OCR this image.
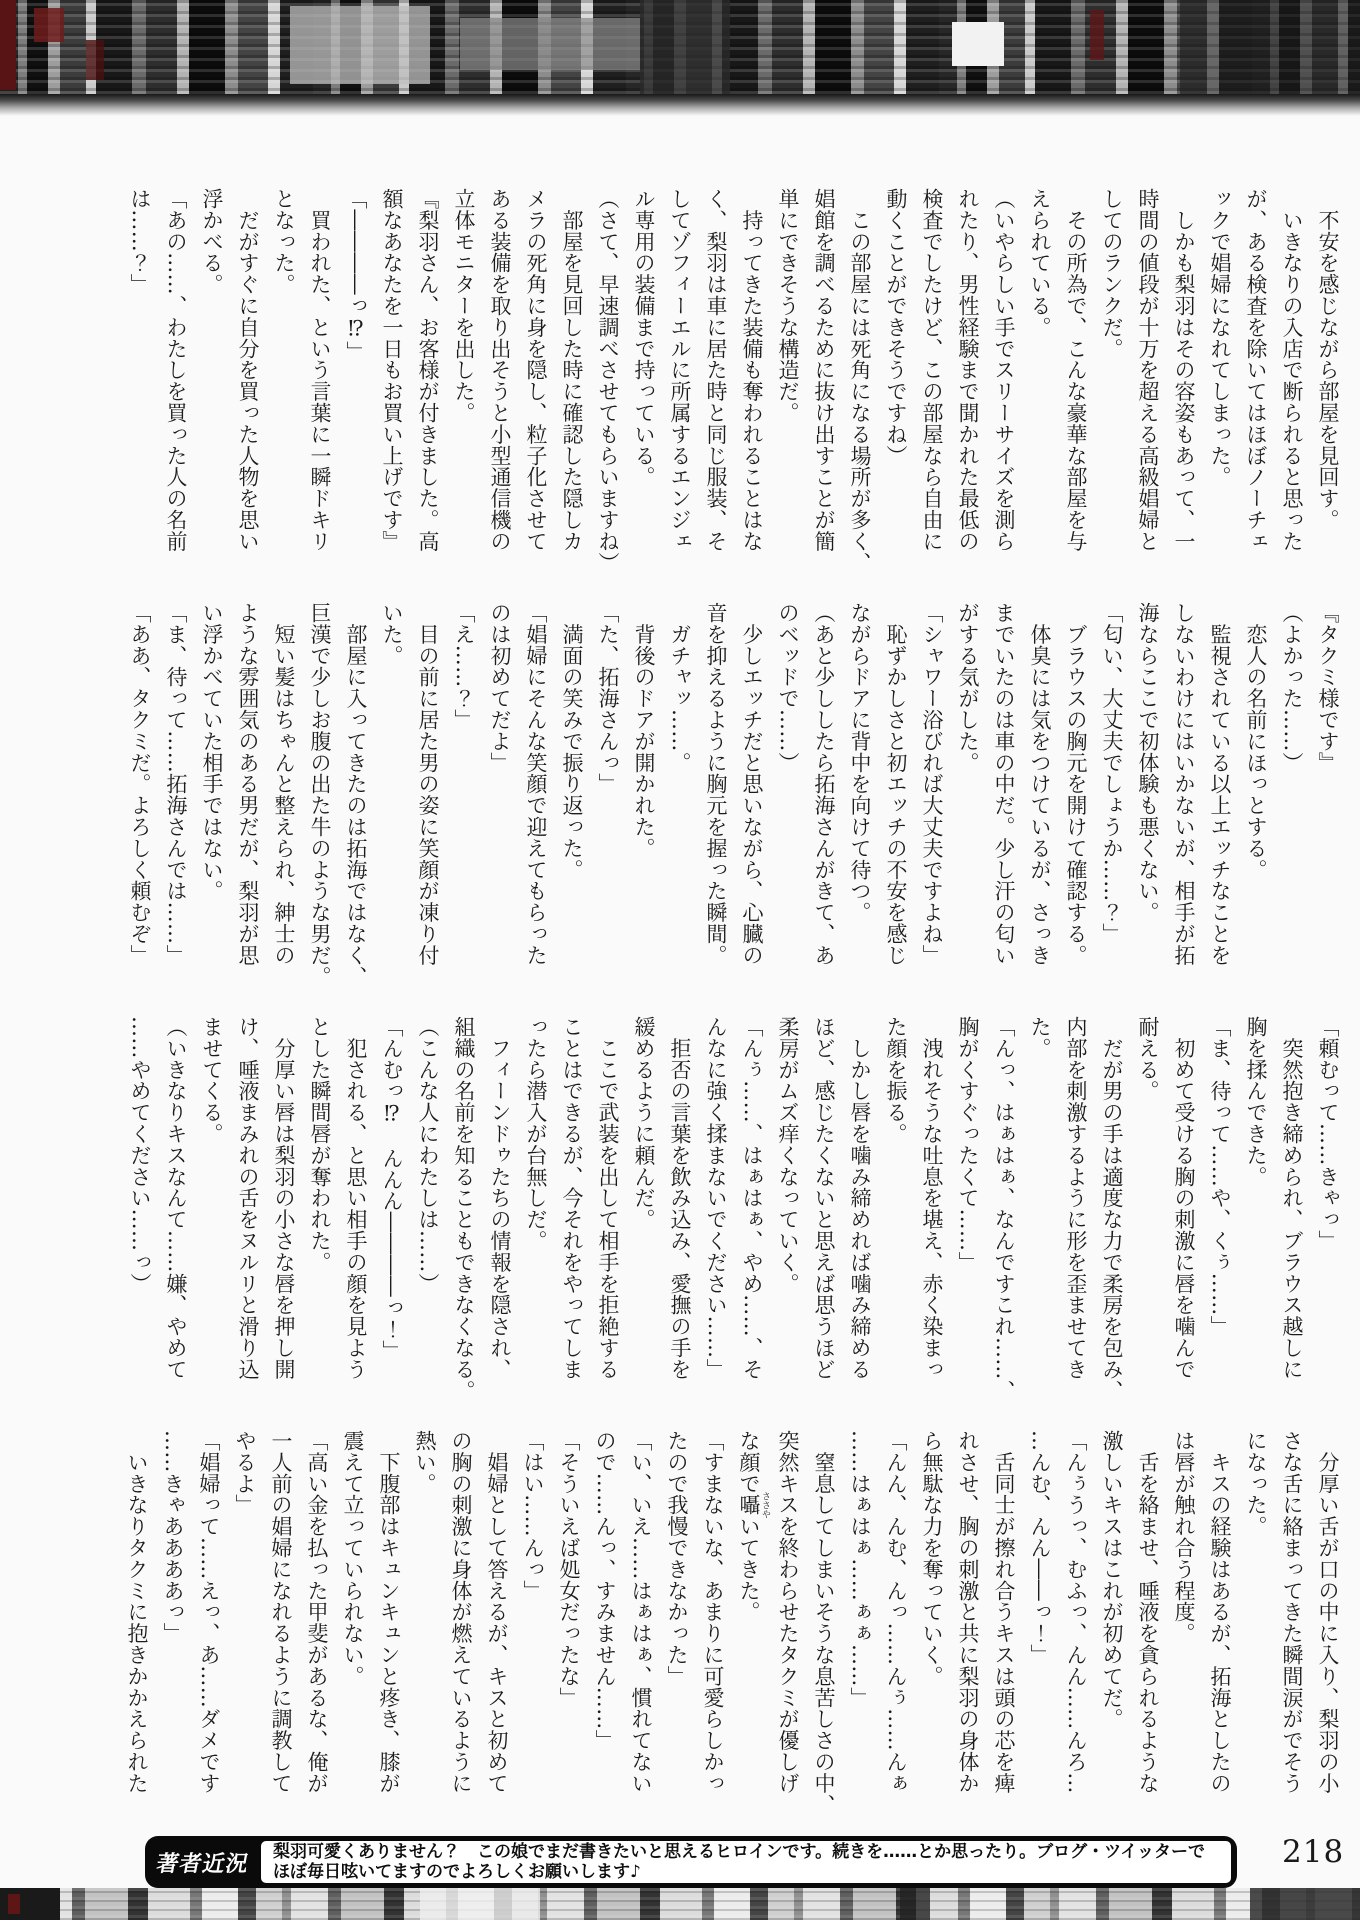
　不安を感じながら部屋を見回す。
　いきなりの入店で断られると思った
が、ある検査を除いてはほぼノーチェ
ックで娼婦になれてしまった。
　しかも梨羽はその容姿もあって、一
時間の値段が十万を超える高級娼婦と
してのランクだ。
　その所為で、こんな豪華な部屋を与
えられている。
（いやらしい手でスリーサイズを測ら
れたり、男性経験まで聞かれた最低の
検査でしたけど、この部屋なら自由に
動くことができそうですね）
　この部屋には死角になる場所が多く、
娼館を調べるために抜け出すことが簡
単にできそうな構造だ。
　持ってきた装備も奪われることはな
く、梨羽は車に居た時と同じ服装、そ
してゾフィーエルに所属するエンジェ
ル専用の装備まで持っている。
（さて、早速調べさせてもらいますね）
　部屋を見回した時に確認した隠しカ
メラの死角に身を隠し、粒子化させて
ある装備を取り出そうと小型通信機の
立体モニターを出した。
『梨羽さん、お客様が付きました。高
額なあなたを一日もお買い上げです』
「――――っ⁉」
　買われた、という言葉に一瞬ドキリ
となった。
　だがすぐに自分を買った人物を思い
浮かべる。
「あの……、わたしを買った人の名前
は……？」
『タクミ様です』
（よかった……）
　恋人の名前にほっとする。
　監視されている以上エッチなことを
しないわけにはいかないが、相手が拓
海ならここで初体験も悪くない。
「匂い、大丈夫でしょうか……？」
　ブラウスの胸元を開けて確認する。
　体臭には気をつけているが、さっき
までいたのは車の中だ。少し汗の匂い
がする気がした。
「シャワー浴びれば大丈夫ですよね」
　恥ずかしさと初エッチの不安を感じ
ながらドアに背中を向けて待つ。
（あと少ししたら拓海さんがきて、あ
のベッドで……）
　少しエッチだと思いながら、心臓の
音を抑えるように胸元を握った瞬間。
　ガチャッ……。
　背後のドアが開かれた。
「た、拓海さんっ」
　満面の笑みで振り返った。
「娼婦にそんな笑顔で迎えてもらった
のは初めてだよ」
「え……？」
　目の前に居た男の姿に笑顔が凍り付
いた。
　部屋に入ってきたのは拓海ではなく、
巨漢で少しお腹の出た牛のような男だ。
　短い髪はちゃんと整えられ、紳士の
ような雰囲気のある男だが、梨羽が思
い浮かべていた相手ではない。
「ま、待って……拓海さんでは……」
「ああ、タクミだ。よろしく頼むぞ」
「頼むって……きゃっ」
　突然抱き締められ、ブラウス越しに
胸を揉んできた。
「ま、待って……や、くぅ……」
　初めて受ける胸の刺激に唇を噛んで
耐える。
　だが男の手は適度な力で柔房を包み、
内部を刺激するように形を歪ませてき
た。
「んっ、はぁはぁ、なんですこれ……、
胸がくすぐったくて……」
　洩れそうな吐息を堪え、赤く染まっ
た顔を振る。
　しかし唇を噛み締めれば噛み締める
ほど、感じたくないと思えば思うほど
柔房がムズ痒くなっていく。
「んぅ……、はぁはぁ、やめ……、そ
んなに強く揉まないでください……」
　拒否の言葉を飲み込み、愛撫の手を
緩めるように頼んだ。
　ここで武装を出して相手を拒絶する
ことはできるが、今それをやってしま
ったら潜入が台無しだ。
　フィーンドゥたちの情報を隠され、
組織の名前を知ることもできなくなる。
（こんな人にわたしは……）
「んむっ⁉　んんん――――っ！」
　犯される、と思い相手の顔を見よう
とした瞬間唇が奪われた。
　分厚い唇は梨羽の小さな唇を押し開
け、唾液まみれの舌をヌルリと滑り込
ませてくる。
（いきなりキスなんて……嫌、やめて
……やめてください……っ）
　分厚い舌が口の中に入り、梨羽の小
さな舌に絡まってきた瞬間涙がでそう
になった。
　キスの経験はあるが、拓海としたの
は唇が触れ合う程度。
　舌を絡ませ、唾液を貪られるような
激しいキスはこれが初めてだ。
「んぅうっ、むふっ、んん……んろ…
…んむ、んん――っ！」
　舌同士が擦れ合うキスは頭の芯を痺
れさせ、胸の刺激と共に梨羽の身体か
ら無駄な力を奪っていく。
「んん、んむ、んっ……んぅ……んぁ
……はぁはぁ……ぁぁ……」
　窒息してしまいそうな息苦しさの中、
突然キスを終わらせたタクミが優しげ
な顔で囁 ささやいてきた。
「すまないな、あまりに可愛らしかっ
たので我慢できなかった」
「い、いえ……はぁはぁ、慣れてない
ので……んっ、すみません……」
「そういえば処女だったな」
「はい……んっ」
　娼婦として答えるが、キスと初めて
の胸の刺激に身体が燃えているように
熱い。
　下腹部はキュンキュンと疼き、膝が
震えて立っていられない。
「高い金を払った甲斐があるな、俺が
一人前の娼婦になれるように調教して
やるよ」
「娼婦って……えっ、あ……ダメです
……きゃああああっ」
　いきなりタクミに抱きかかえられた
218
著者近況	梨羽可愛くありません？　この娘でまだ書きたいと思えるヒロインです。続きを……とか思ったり。ブログ・ツイッターでほぼ毎日呟いてますのでよろしくお願いします♪
